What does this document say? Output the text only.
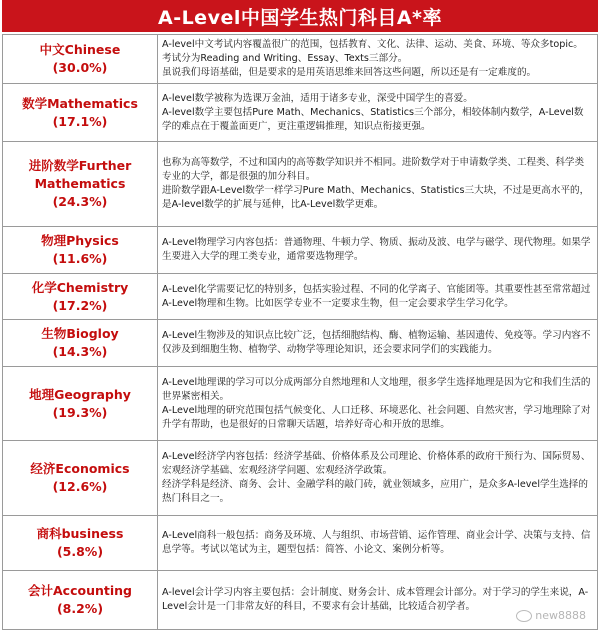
A-Level中国学生热门科目A*率
中文Chinese
(30.0%)	A-level中文考试内容覆盖很广的范围，包括教育、文化、法律、运动、美食、环境、等众多topic。
考试分为Reading and Writing、Essay、Texts三部分。
虽说我们母语基础，但是要求的是用英语思维来回答这些问题，所以还是有一定难度的。

数学Mathematics
(17.1%)	A-level数学被称为选课万金油，适用于诸多专业，深受中国学生的喜爱。
A-level数学主要包括Pure Math、Mechanics、Statistics三个部分，相较体制内数学，A-Level数学的难点在于覆盖面更广，更注重逻辑推理，知识点衔接更强。

进阶数学Further Mathematics
(24.3%)	也称为高等数学，不过和国内的高等数学知识并不相同。进阶数学对于申请数学类、工程类、科学类专业的大学，都是很强的加分科目。
进阶数学跟A-Level数学一样学习Pure Math、Mechanics、Statistics三大块，不过是更高水平的，是A-level数学的扩展与延伸，比A-Level数学更难。

物理Physics
(11.6%)	A-Level物理学习内容包括：普通物理、牛顿力学、物质、振动及波、电学与磁学、现代物理。如果学生要进入大学的理工类专业，通常要选物理学。

化学Chemistry
(17.2%)	A-Level化学需要记忆的特别多，包括实验过程、不同的化学离子、官能团等。其重要性甚至常常超过A-Level物理和生物。比如医学专业不一定要求生物，但一定会要求学生学习化学。

生物Biogloy
(14.3%)	A-Level生物涉及的知识点比较广泛，包括细胞结构、酶、植物运输、基因遗传、免疫等。学习内容不仅涉及到细胞生物、植物学、动物学等理论知识，还会要求同学们的实践能力。

地理Geography
(19.3%)	A-Level地理课的学习可以分成两部分自然地理和人文地理，很多学生选择地理是因为它和我们生活的世界紧密相关。
A-Level地理的研究范围包括气候变化、人口迁移、环境恶化、社会问题、自然灾害，学习地理除了对升学有帮助，也是很好的日常聊天话题，培养好奇心和开放的思维。

经济Economics
(12.6%)	A-Level经济学内容包括：经济学基础、价格体系及公司理论、价格体系的政府干预行为、国际贸易、宏观经济学基础、宏观经济学问题、宏观经济学政策。
经济学科是经济、商务、会计、金融学科的敲门砖，就业领域多，应用广，是众多A-level学生选择的热门科目之一。

商科business
(5.8%)	A-Level商科一般包括：商务及环境、人与组织、市场营销、运作管理、商业会计学、决策与支持、信息学等。考试以笔试为主，题型包括：简答、小论文、案例分析等。

会计Accounting
(8.2%)	A-level会计学习内容主要包括：会计制度、财务会计、成本管理会计部分。对于学习的学生来说，A-Level会计是一门非常友好的科目，不要求有会计基础，比较适合初学者。
new8888
